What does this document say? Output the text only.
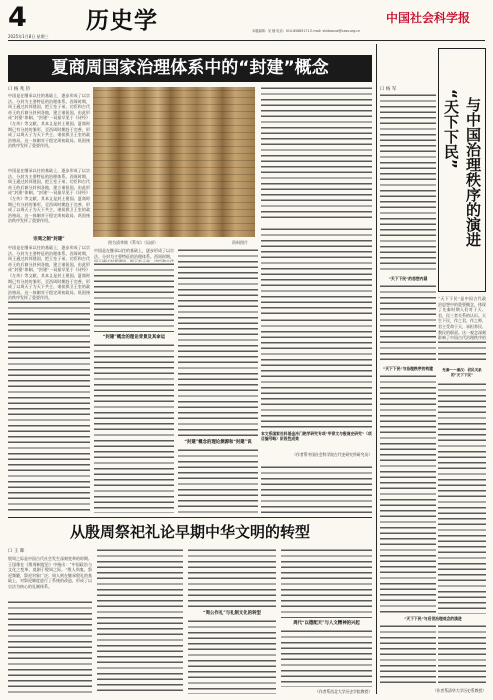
4
2025年1月8日 星期三
历史学	中国社会科学报
本版编辑：吴 楠 电话：010-85885171 E-mail: shidaoxue@cass.org.cn
夏商周国家治理体系中的“封建”概念
口 杨 兆 钤
中国是在继承以往的基础上，逐步形成了以宗法、分封为主要特征的治理体系。西周时期，周王通过封邦建国，把王室子弟、功臣和古代帝王的后裔分封到各地，建立诸侯国，由此形成“封建”体制。“封建”一词最早见于《诗经》《左传》等文献，其本义是封土建国。夏商时期已有分封的雏形，至西周时期趋于完善，形成了以周天子为天下共主、诸侯拱卫王室的政治格局。这一体制对于稳定周初政局、巩固统治秩序发挥了重要作用。
图为清华简《系年》（局部）	资料图片
中国是在继承以往的基础上，逐步形成了以宗法、分封为主要特征的治理体系。西周时期，周王通过封邦建国，把王室子弟、功臣和古代帝王的后裔分封到各地，建立诸侯国，由此形成“封建”体制。“封建”一词最早见于《诗经》《左传》等文献，其本义是封土建国。夏商时期已有分封的雏形，至西周时期趋于完善，形成了以周天子为天下共主、诸侯拱卫王室的政治格局。这一体制对于稳定周初政局、巩固统治秩序发挥了重要作用。
宗周之制“封建”
中国是在继承以往的基础上，逐步形成了以宗法、分封为主要特征的治理体系。西周时期，周王通过封邦建国，把王室子弟、功臣和古代帝王的后裔分封到各地，建立诸侯国，由此形成“封建”体制。“封建”一词最早见于《诗经》《左传》等文献，其本义是封土建国。夏商时期已有分封的雏形，至西周时期趋于完善，形成了以周天子为天下共主、诸侯拱卫王室的政治格局。这一体制对于稳定周初政局、巩固统治秩序发挥了重要作用。
中国是在继承以往的基础上，逐步形成了以宗法、分封为主要特征的治理体系。西周时期，
“封建”概念的理论背景及其命运
“封建”概念的理论渊源和“封建”说
本文系国家社科基金冷门绝学研究专项“甲骨文与殷商史研究”（项目编号略）阶段性成果
（作者系中国社会科学院古代史研究所研究员）
从殷周祭祀礼论早期中华文明的转型
口 王 晖
殷周之际是中国古代社会发生深刻变革的时期。王国维在《殷周制度论》中指出：“中国政治与文化之变革，莫剧于殷周之际。”殷人尚鬼，祭祀频繁，祭祀对象广泛；周人则在继承殷礼的基础上，对祭祀制度进行了系统的改造，形成了以宗法为核心的礼制体系。
“周公作礼”与礼制文化的转型
周代“以德配天”与人文精神的兴起
（作者系西北大学历史学院教授）
口 杨 军
“天下下民”的思想内涵
“天下下民” 与中国治理秩序的演进
“天下下民”是中国古代政治思想中的重要概念，体现了先秦时期人们对于天、君、民三者关系的认识。天生下民，作之君，作之师，君主受命于天，承担养民、教民的职责。这一观念深刻影响了中国古代治理秩序的
“天下下民”与治理秩序的构建	先秦——秦汉：君民关系的“天下下民”
“天下下民”与后世治理观念的演进
（作者系清华大学历史系教授）
